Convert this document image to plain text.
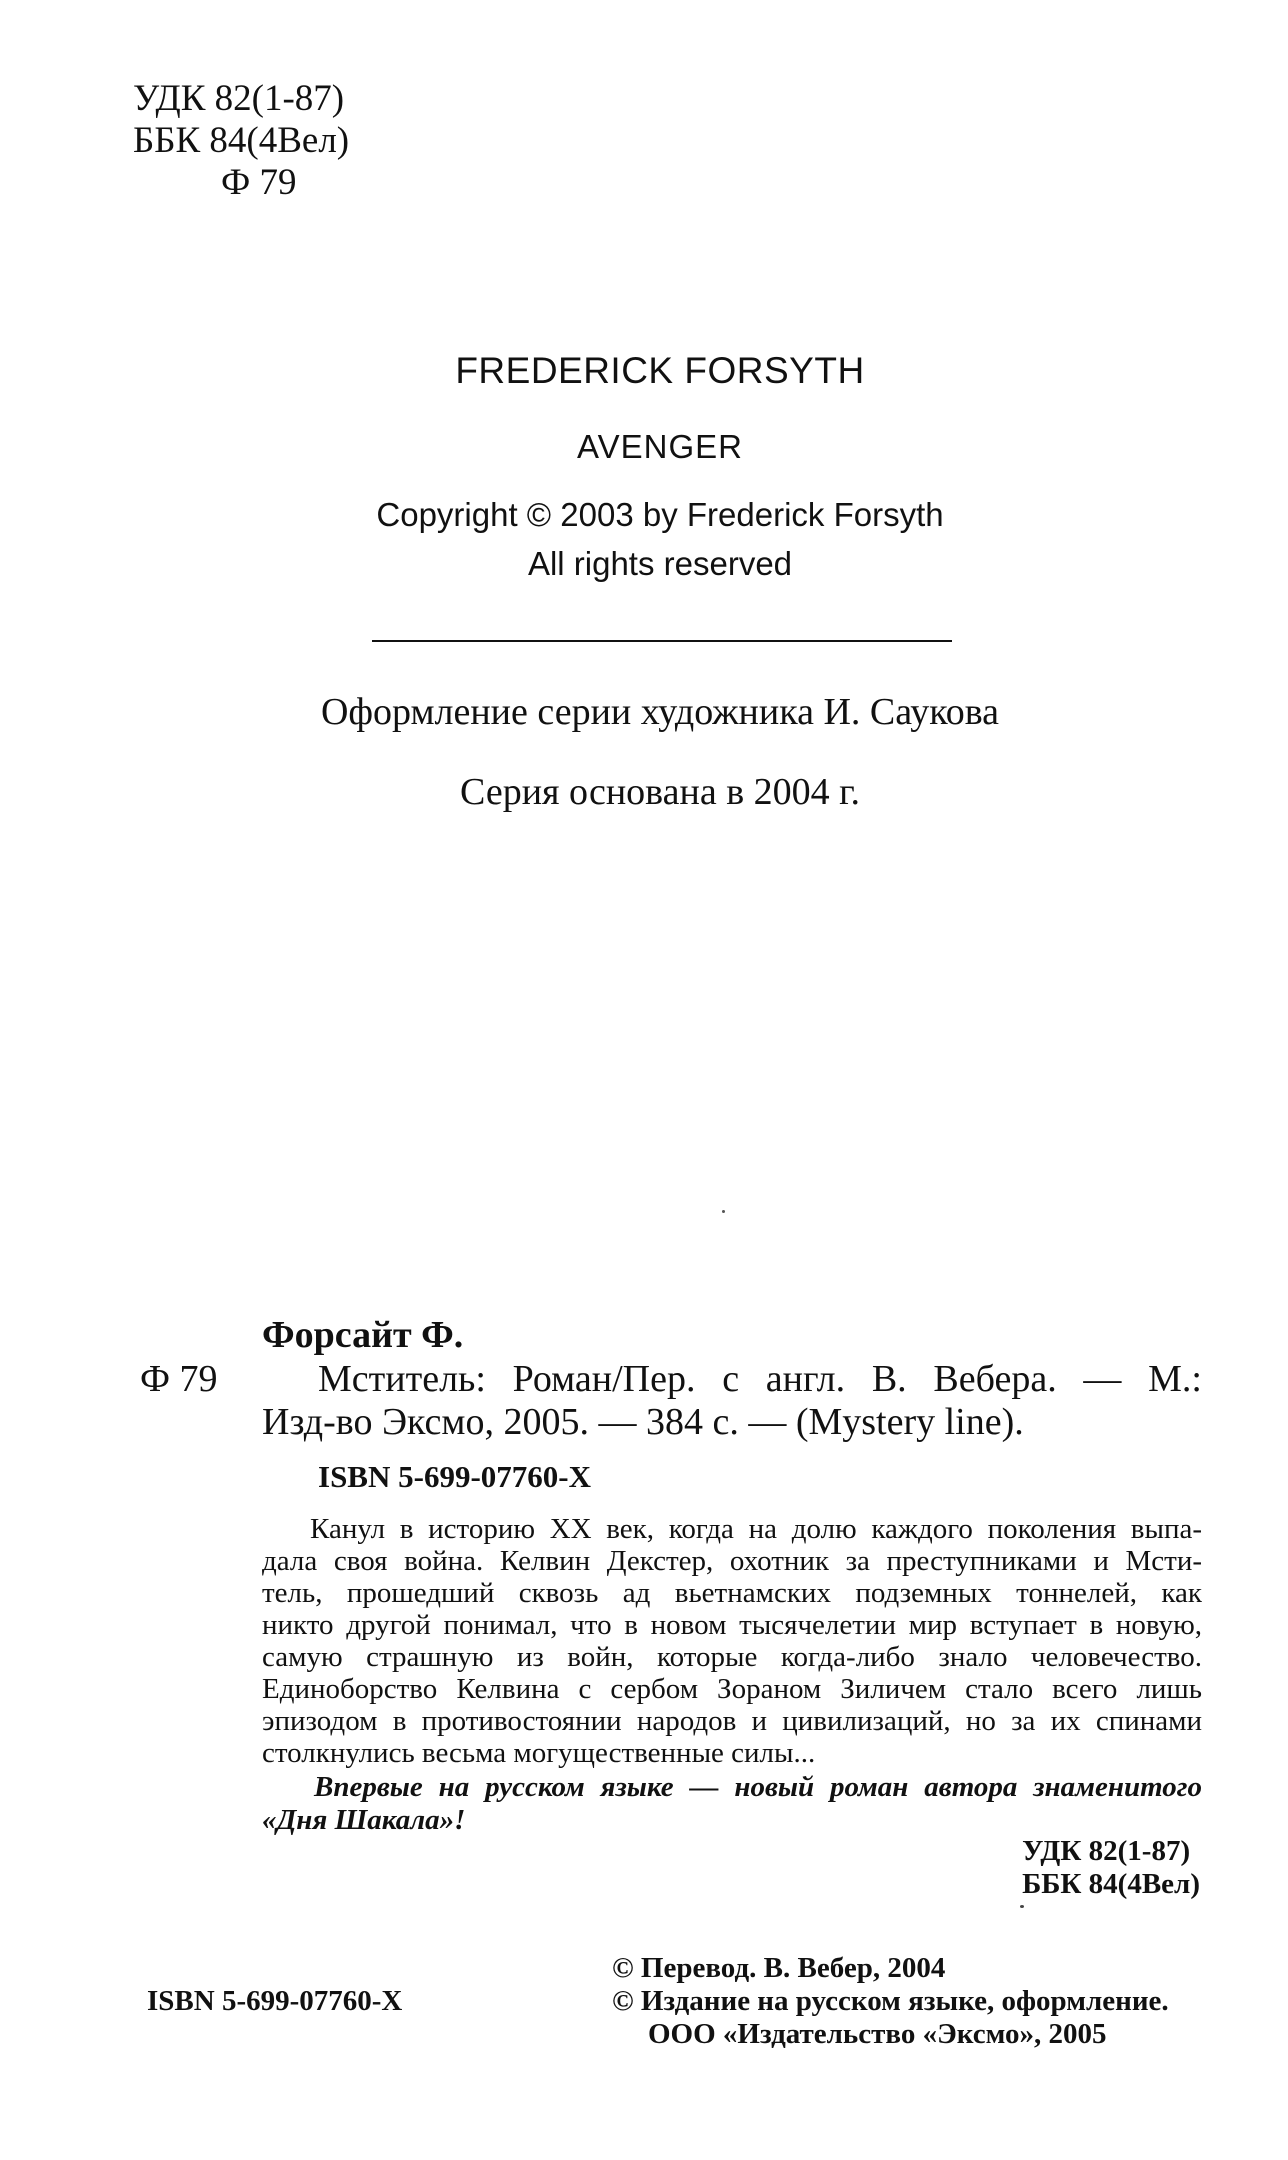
УДК 82(1-87)
ББК 84(4Вел)
Ф 79
FREDERICK FORSYTH
AVENGER
Copyright © 2003 by Frederick Forsyth
All rights reserved
Оформление серии художника И. Саукова
Серия основана в 2004 г.
Форсайт Ф.
Ф 79	Мститель: Роман/Пер. с англ. В. Вебера. — М.:
Изд-во Эксмо, 2005. — 384 с. — (Mystery line).
ISBN 5-699-07760-X
Канул в историю XX век, когда на долю каждого поколения выпа-
дала своя война. Келвин Декстер, охотник за преступниками и Мсти-
тель, прошедший сквозь ад вьетнамских подземных тоннелей, как
никто другой понимал, что в новом тысячелетии мир вступает в новую,
самую страшную из войн, которые когда-либо знало человечество.
Единоборство Келвина с сербом Зораном Зиличем стало всего лишь
эпизодом в противостоянии народов и цивилизаций, но за их спинами
столкнулись весьма могущественные силы...
Впервые на русском языке — новый роман автора знаменитого
«Дня Шакала»!
УДК 82(1-87)
ББК 84(4Вел)
© Перевод. В. Вебер, 2004
© Издание на русском языке, оформление.
ООО «Издательство «Эксмо», 2005
ISBN 5-699-07760-X
